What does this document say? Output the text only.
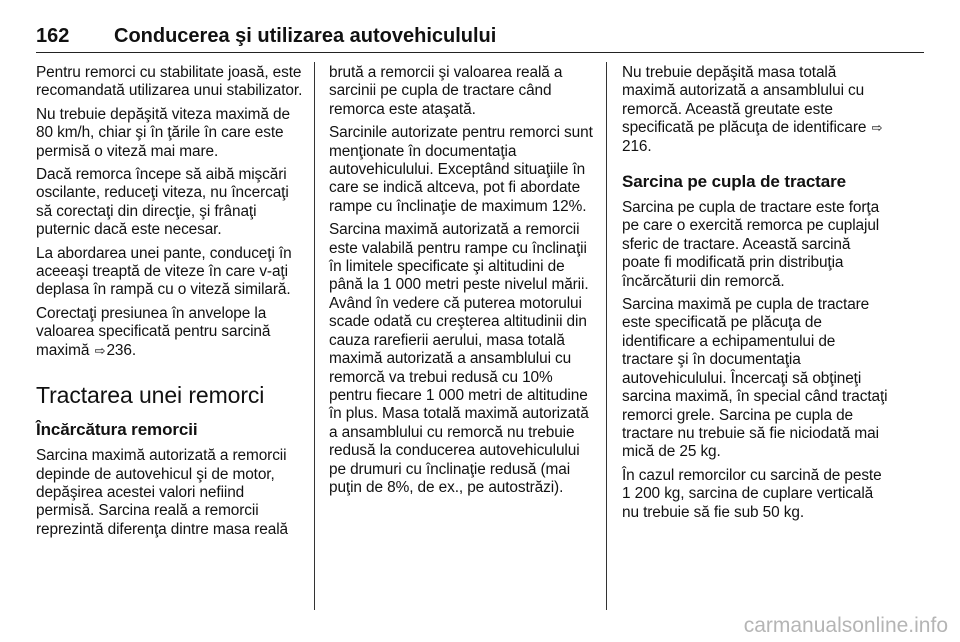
162	Conducerea şi utilizarea autovehiculului

Pentru remorci cu stabilitate joasă, este recomandată utilizarea unui stabilizator.

Nu trebuie depăşită viteza maximă de 80 km/h, chiar şi în ţările în care este permisă o viteză mai mare.

Dacă remorca începe să aibă mişcări oscilante, reduceţi viteza, nu încercaţi să corectaţi din direcţie, şi frânaţi puternic dacă este necesar.

La abordarea unei pante, conduceţi în aceeaşi treaptă de viteze în care v-aţi deplasa în rampă cu o viteză similară.

Corectaţi presiunea în anvelope la valoarea specificată pentru sarcină maximă ⇨236.

Tractarea unei remorci
Încărcătura remorcii

Sarcina maximă autorizată a remorcii depinde de autovehicul şi de motor, depăşirea acestei valori nefiind permisă. Sarcina reală a remorcii reprezintă diferenţa dintre masa reală

brută a remorcii şi valoarea reală a sarcinii pe cupla de tractare când remorca este ataşată.

Sarcinile autorizate pentru remorci sunt menţionate în documentaţia autovehiculului. Exceptând situaţiile în care se indică altceva, pot fi abordate rampe cu înclinaţie de maximum 12%.

Sarcina maximă autorizată a remorcii este valabilă pentru rampe cu înclinaţii în limitele specificate şi altitudini de până la 1 000 metri peste nivelul mării. Având în vedere că puterea motorului scade odată cu creşterea altitudinii din cauza rarefierii aerului, masa totală maximă autorizată a ansamblului cu remorcă va trebui redusă cu 10% pentru fiecare 1 000 metri de altitudine în plus. Masa totală maximă autorizată a ansamblului cu remorcă nu trebuie redusă la conducerea autovehiculului pe drumuri cu înclinaţie redusă (mai puţin de 8%, de ex., pe autostrăzi).

Nu trebuie depăşită masa totală maximă autorizată a ansamblului cu remorcă. Această greutate este specificată pe plăcuţa de identificare ⇨216.

Sarcina pe cupla de tractare

Sarcina pe cupla de tractare este forţa pe care o exercită remorca pe cuplajul sferic de tractare. Această sarcină poate fi modificată prin distribuţia încărcăturii din remorcă.

Sarcina maximă pe cupla de tractare este specificată pe plăcuţa de identificare a echipamentului de tractare şi în documentaţia autovehiculului. Încercaţi să obţineţi sarcina maximă, în special când tractaţi remorci grele. Sarcina pe cupla de tractare nu trebuie să fie niciodată mai mică de 25 kg.

În cazul remorcilor cu sarcină de peste 1 200 kg, sarcina de cuplare verticală nu trebuie să fie sub 50 kg.

carmanualsonline.info
